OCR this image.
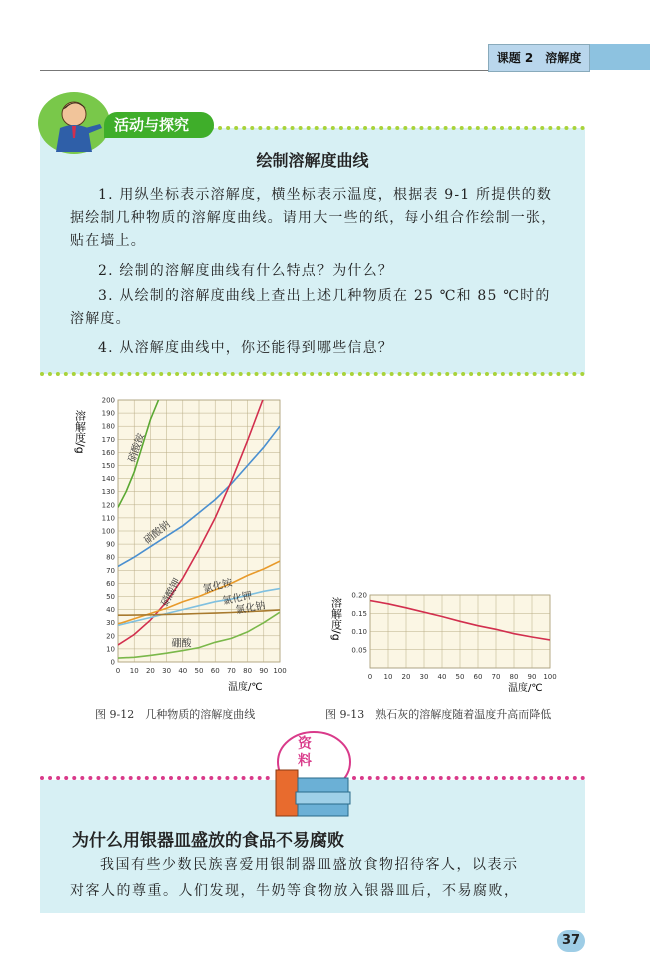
课题 2　溶解度
活动与探究
绘制溶解度曲线
1. 用纵坐标表示溶解度，横坐标表示温度，根据表 9-1 所提供的数据绘制几种物质的溶解度曲线。请用大一些的纸，每小组合作绘制一张，贴在墙上。
2. 绘制的溶解度曲线有什么特点？为什么？
3. 从绘制的溶解度曲线上查出上述几种物质在 25 ℃和 85 ℃时的溶解度。
4. 从溶解度曲线中，你还能得到哪些信息？
0 10 20 30 40 50 60 70 80 90 100
0
10
20
30
40
50
60
70
80
90
100
110
120
130
140
150
160
170
180
190
200
硝酸铵
硝酸钠
硝酸钾 氯化铵
氯化钾
氯化钠
硼酸
溶解度/g
温度/℃
图 9-12　几种物质的溶解度曲线
0 10 20 30 40 50 60 70 80 90 100
0.05
0.10
0.15
0.20
溶解度/g
温度/℃
图 9-13　熟石灰的溶解度随着温度升高而降低
资料
为什么用银器皿盛放的食品不易腐败
我国有些少数民族喜爱用银制器皿盛放食物招待客人，以表示
对客人的尊重。人们发现，牛奶等食物放入银器皿后，不易腐败，
37
